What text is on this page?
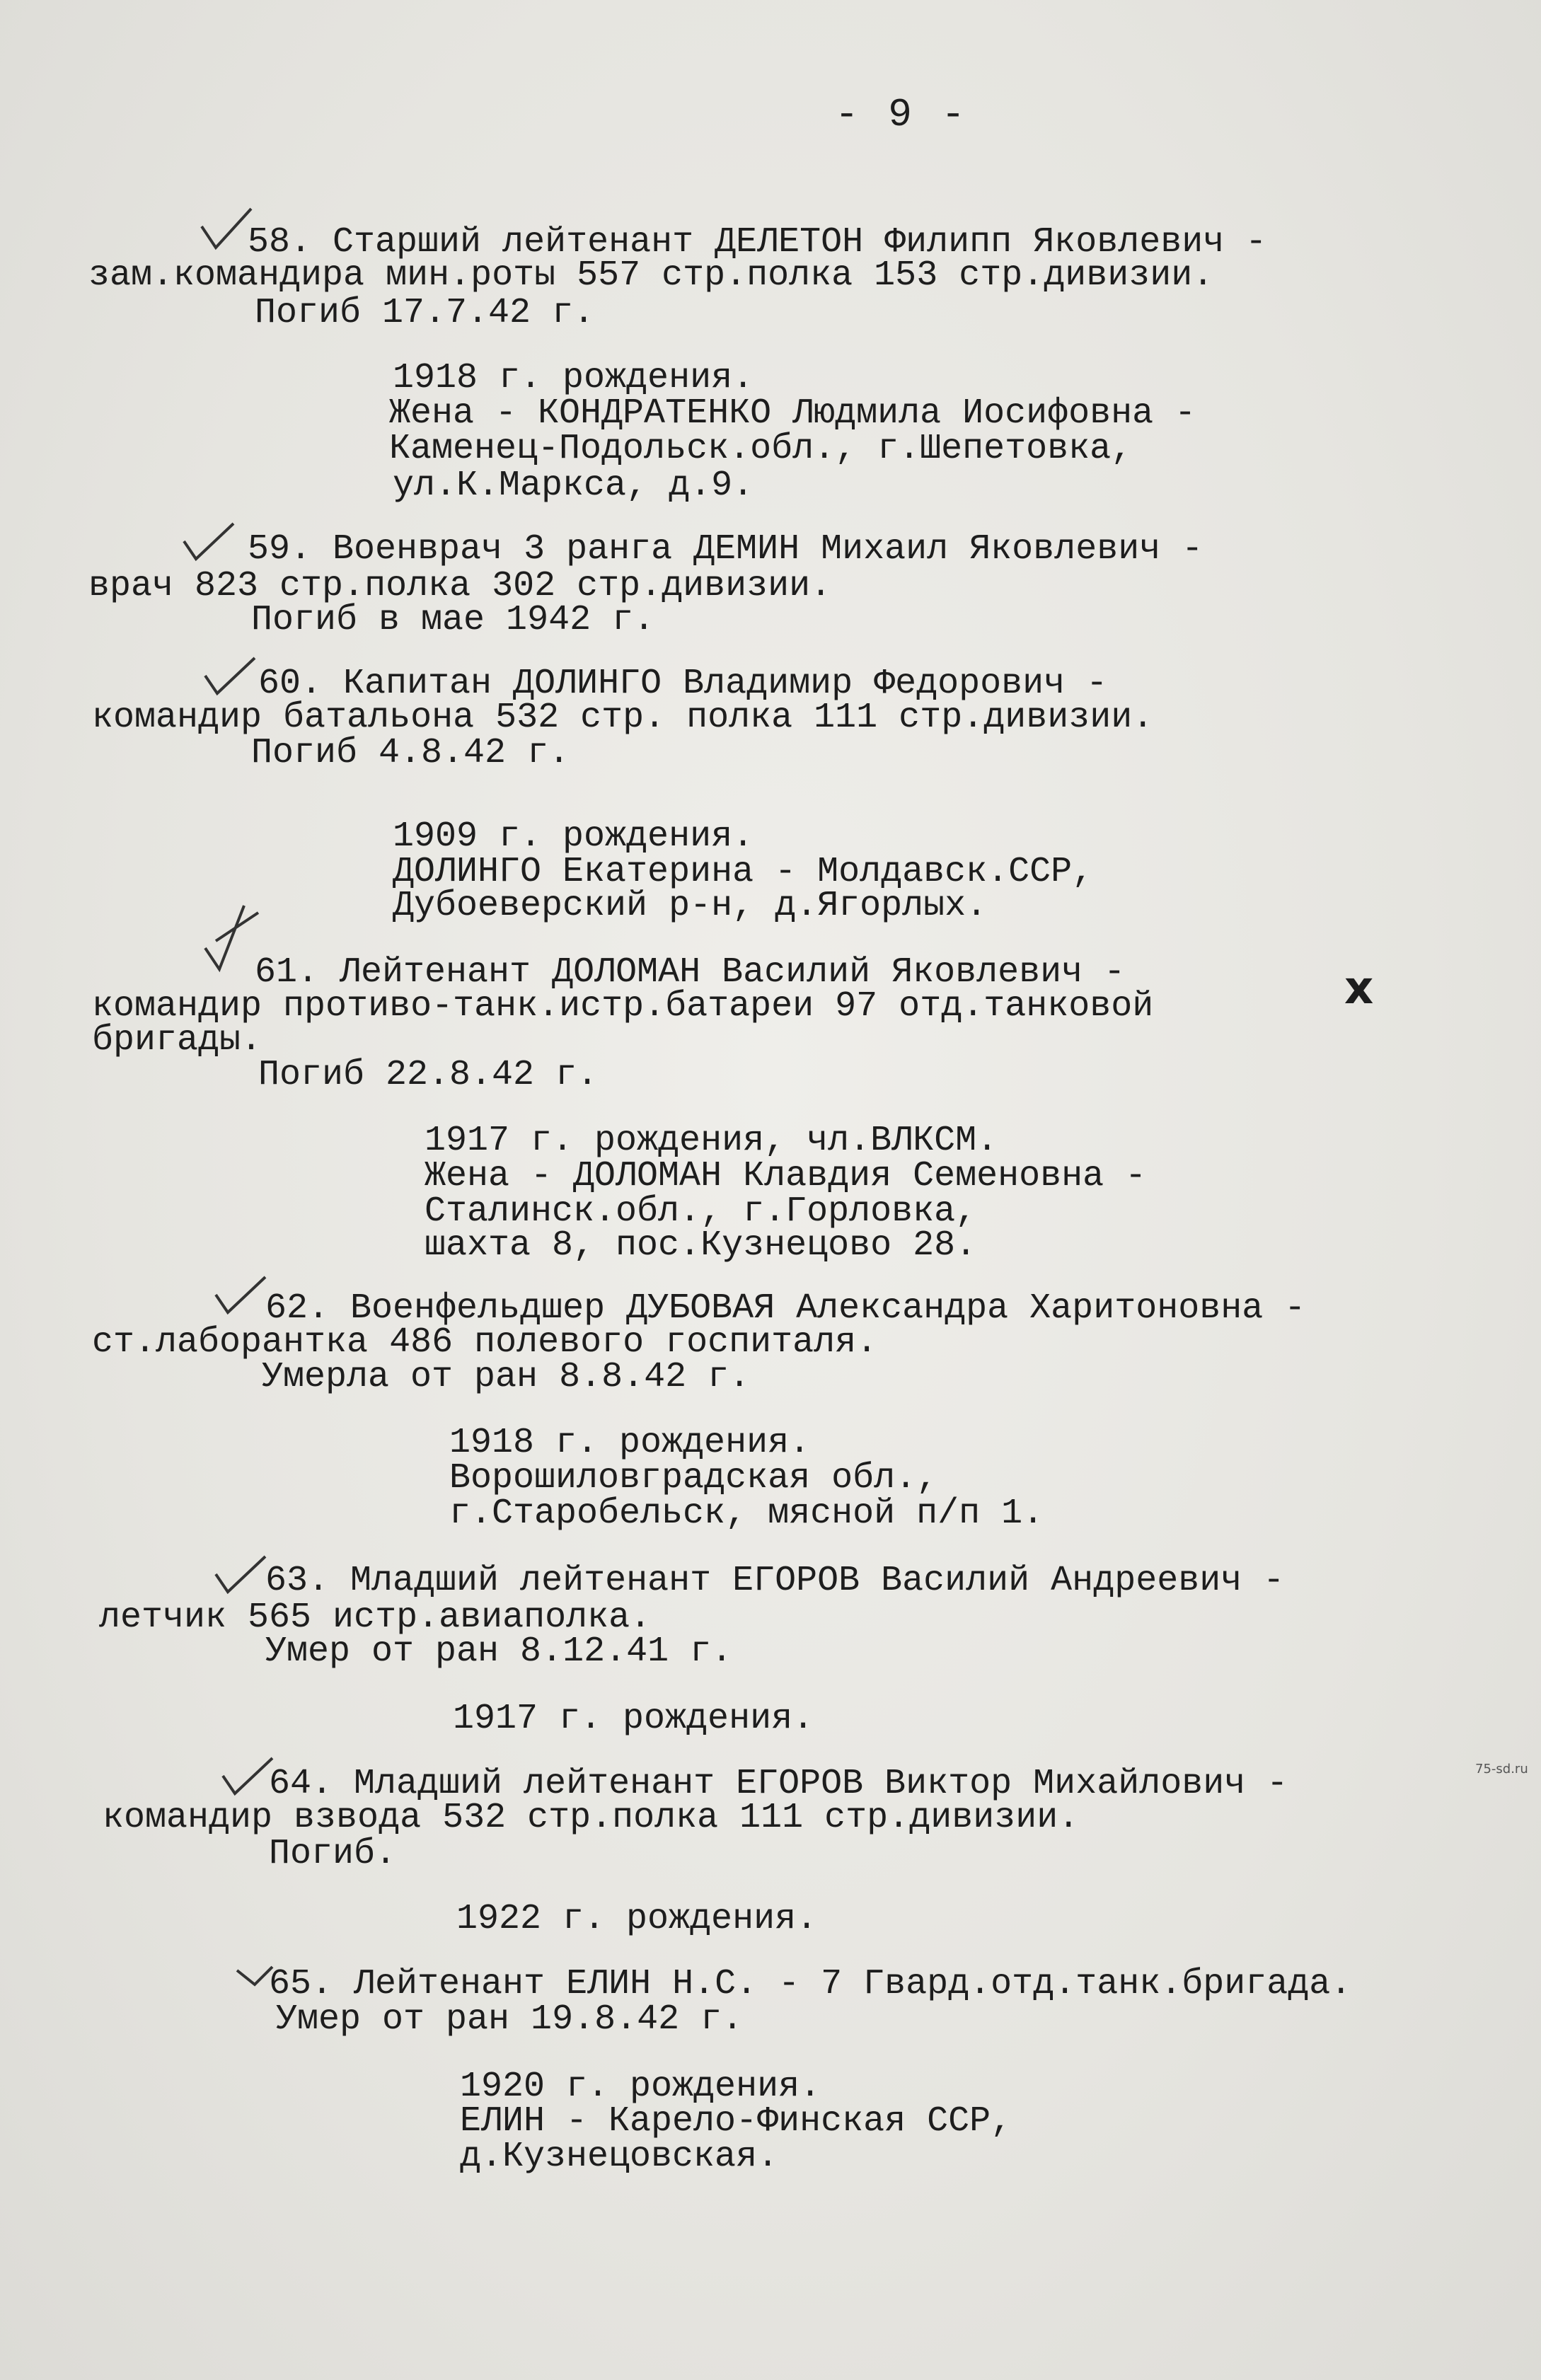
- 9 -
58. Старший лейтенант ДЕЛЕТОН Филипп Яковлевич -
зам.командира мин.роты 557 стр.полка 153 стр.дивизии.
Погиб 17.7.42 г.
1918 г. рождения.
Жена - КОНДРАТЕНКО Людмила Иосифовна -
Каменец-Подольск.обл., г.Шепетовка,
ул.К.Маркса, д.9.
59. Военврач 3 ранга ДЕМИН Михаил Яковлевич -
врач 823 стр.полка 302 стр.дивизии.
Погиб в мае 1942 г.
60. Капитан ДОЛИНГО Владимир Федорович -
командир батальона 532 стр. полка 111 стр.дивизии.
Погиб 4.8.42 г.
1909 г. рождения.
ДОЛИНГО Екатерина - Молдавск.ССР,
Дубоеверский р-н, д.Ягорлых.
61. Лейтенант ДОЛОМАН Василий Яковлевич -
командир противо-танк.истр.батареи 97 отд.танковой
бригады.
Погиб 22.8.42 г.
1917 г. рождения, чл.ВЛКСМ.
Жена - ДОЛОМАН Клавдия Семеновна -
Сталинск.обл., г.Горловка,
шахта 8, пос.Кузнецово 28.
62. Военфельдшер ДУБОВАЯ Александра Харитоновна -
ст.лаборантка 486 полевого госпиталя.
Умерла от ран 8.8.42 г.
1918 г. рождения.
Ворошиловградская обл.,
г.Старобельск, мясной п/п 1.
63. Младший лейтенант ЕГОРОВ Василий Андреевич -
летчик 565 истр.авиаполка.
Умер от ран 8.12.41 г.
1917 г. рождения.
64. Младший лейтенант ЕГОРОВ Виктор Михайлович -
командир взвода 532 стр.полка 111 стр.дивизии.
Погиб.
1922 г. рождения.
65. Лейтенант ЕЛИН Н.С. - 7 Гвард.отд.танк.бригада.
Умер от ран 19.8.42 г.
1920 г. рождения.
ЕЛИН - Карело-Финская ССР,
д.Кузнецовская.
х
75-sd.ru
